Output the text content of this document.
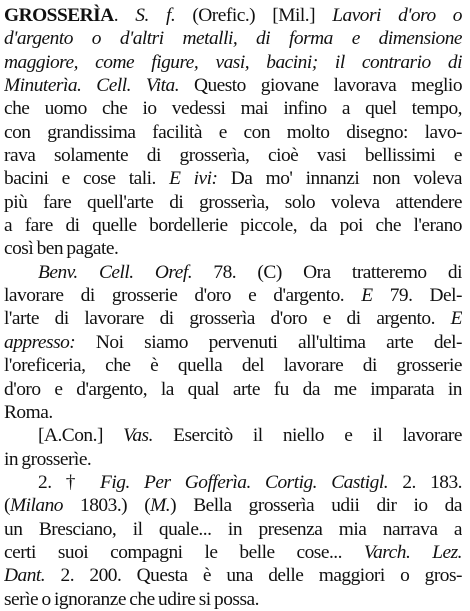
GROSSERÌA. S. f. (Orefic.) [Mil.] Lavori d'oro o
d'argento o d'altri metalli, di forma e dimensione
maggiore, come figure, vasi, bacini; il contrario di
Minuterìa. Cell. Vita. Questo giovane lavorava meglio
che uomo che io vedessi mai infino a quel tempo,
con grandissima facilità e con molto disegno: lavo-
rava solamente di grosserìa, cioè vasi bellissimi e
bacini e cose tali. E ivi: Da mo' innanzi non voleva
più fare quell'arte di grosserìa, solo voleva attendere
a fare di quelle bordellerie piccole, da poi che l'erano
così ben pagate.
Benv. Cell. Oref. 78. (C) Ora tratteremo di
lavorare di grosserie d'oro e d'argento. E 79. Del-
l'arte di lavorare di grosserìa d'oro e di argento. E
appresso: Noi siamo pervenuti all'ultima arte del-
l'oreficeria, che è quella del lavorare di grosserie
d'oro e d'argento, la qual arte fu da me imparata in
Roma.
[A.Con.] Vas. Esercitò il niello e il lavorare
in grosserìe.
2. † Fig. Per Gofferìa. Cortig. Castigl. 2. 183.
(Milano 1803.) (M.) Bella grosserìa udii dir io da
un Bresciano, il quale... in presenza mia narrava a
certi suoi compagni le belle cose... Varch. Lez.
Dant. 2. 200. Questa è una delle maggiori o gros-
serìe o ignoranze che udire si possa.
